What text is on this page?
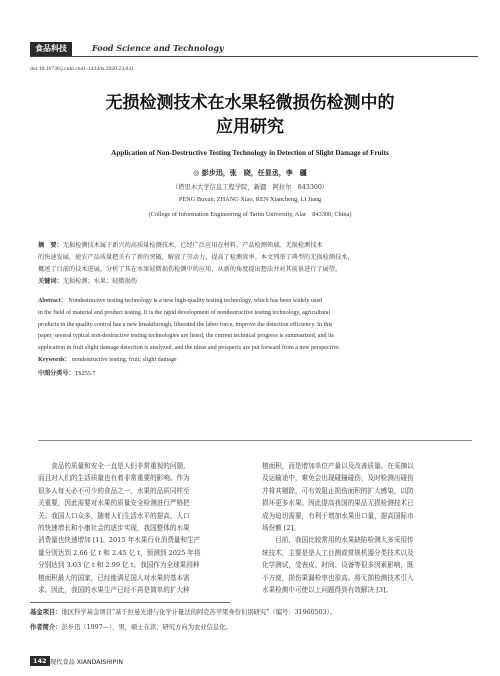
食品科技	Food Science and Technology
doi:10.16736/j.cnki.cn41-1434/ts.2020.23.041
无损检测技术在水果轻微损伤检测中的
应用研究
Application of Non-Destructive Testing Technology in Detection of Slight Damage of Fruits
◎ 彭步迅，张　晓，任显丞，李　疆
（塔里木大学信息工程学院，新疆　阿拉尔　843300）
PENG Buxun, ZHANG Xiao, REN Xiancheng, LI Jiang
(College of Information Engineering of Tarim University, Alar　843300, China)
摘　要：无损检测技术属于新兴的高质量检测技术，已经广泛应用在材料、产品检测领域。无损检测技术
的快速发展，使农产品质量把关有了新的突破，解放了劳动力，提高了检测效率。本文列举了典型的无损检测技术，
概述了目前的技术进展，分析了其在水果轻微损伤检测中的应用，从新的角度提出想法并对其前景进行了展望。
关键词：无损检测；水果；轻微损伤
Abstract： Nondestructive testing technology is a new high-quality testing technology, which has been widely used
in the field of material and product testing. It is the rapid development of nondestructive testing technology, agricultural
products in the quality control has a new breakthrough, liberated the labor force, improve the detection efficiency. In this
paper, several typical non-destructive testing technologies are listed, the current technical progress is summarized, and its
application in fruit slight damage detection is analyzed, and the ideas and prospects are put forward from a new perspective.
Keywords： nondestructive testing; fruit; slight damage
中图分类号：TS255.7
　　食品的质量和安全一直是人们非常重视的问题，
而且对人们的生活质量也有着非常重要的影响。作为
很多人每天必不可少的食品之一，水果的品质同样至
关重要，因此需要对水果的质量安全检测进行严格把
关。我国人口众多，随着人们生活水平的提高，人口
的快速增长和小康社会的逐步实现，我国整体的水果
消费量也快速增加 [1]。2015 年水果行业消费量和生产
量分别达到 2.66 亿 t 和 2.45 亿 t，预测到 2025 年将
分别达到 3.03 亿 t 和 2.99 亿 t。我国作为全球果园种
植面积最大的国家，已经能满足国人对水果的基本需
求。因此，我国的水果生产已经不再是简单的扩大种
植面积，而是增加单位产量以及改善质量。在采摘以
及运输途中，难免会出现碰撞碰伤，及时检测出碰伤
并将其剔除，可有效阻止损伤面积的扩大感染，以防
损坏更多水果。因此提高我国的果品无损检测技术已
成为迫切需要，有利于增加水果出口量，提高国际市
场份额 [2]。
　　目前，我国比较常用的水果缺陷检测大多采用传
统技术，主要是是人工目测或常规机器分类技术以及
化学测试，受表皮、时间、设备等很多因素影响，既
不方便，损伤果漏检率也很高。将无损检测技术引入
水果检测中可使以上问题得到有效解决 [3]。
基金项目：地区科学基金项目“基于拉曼光谱与化学计量法的阿克苏苹果身份识别研究”（编号：31960503）。
作者简介：彭步迅（1997—），男，硕士在读；研究方向为农业信息化。
142 现代食品 XIANDAISHIPIN
